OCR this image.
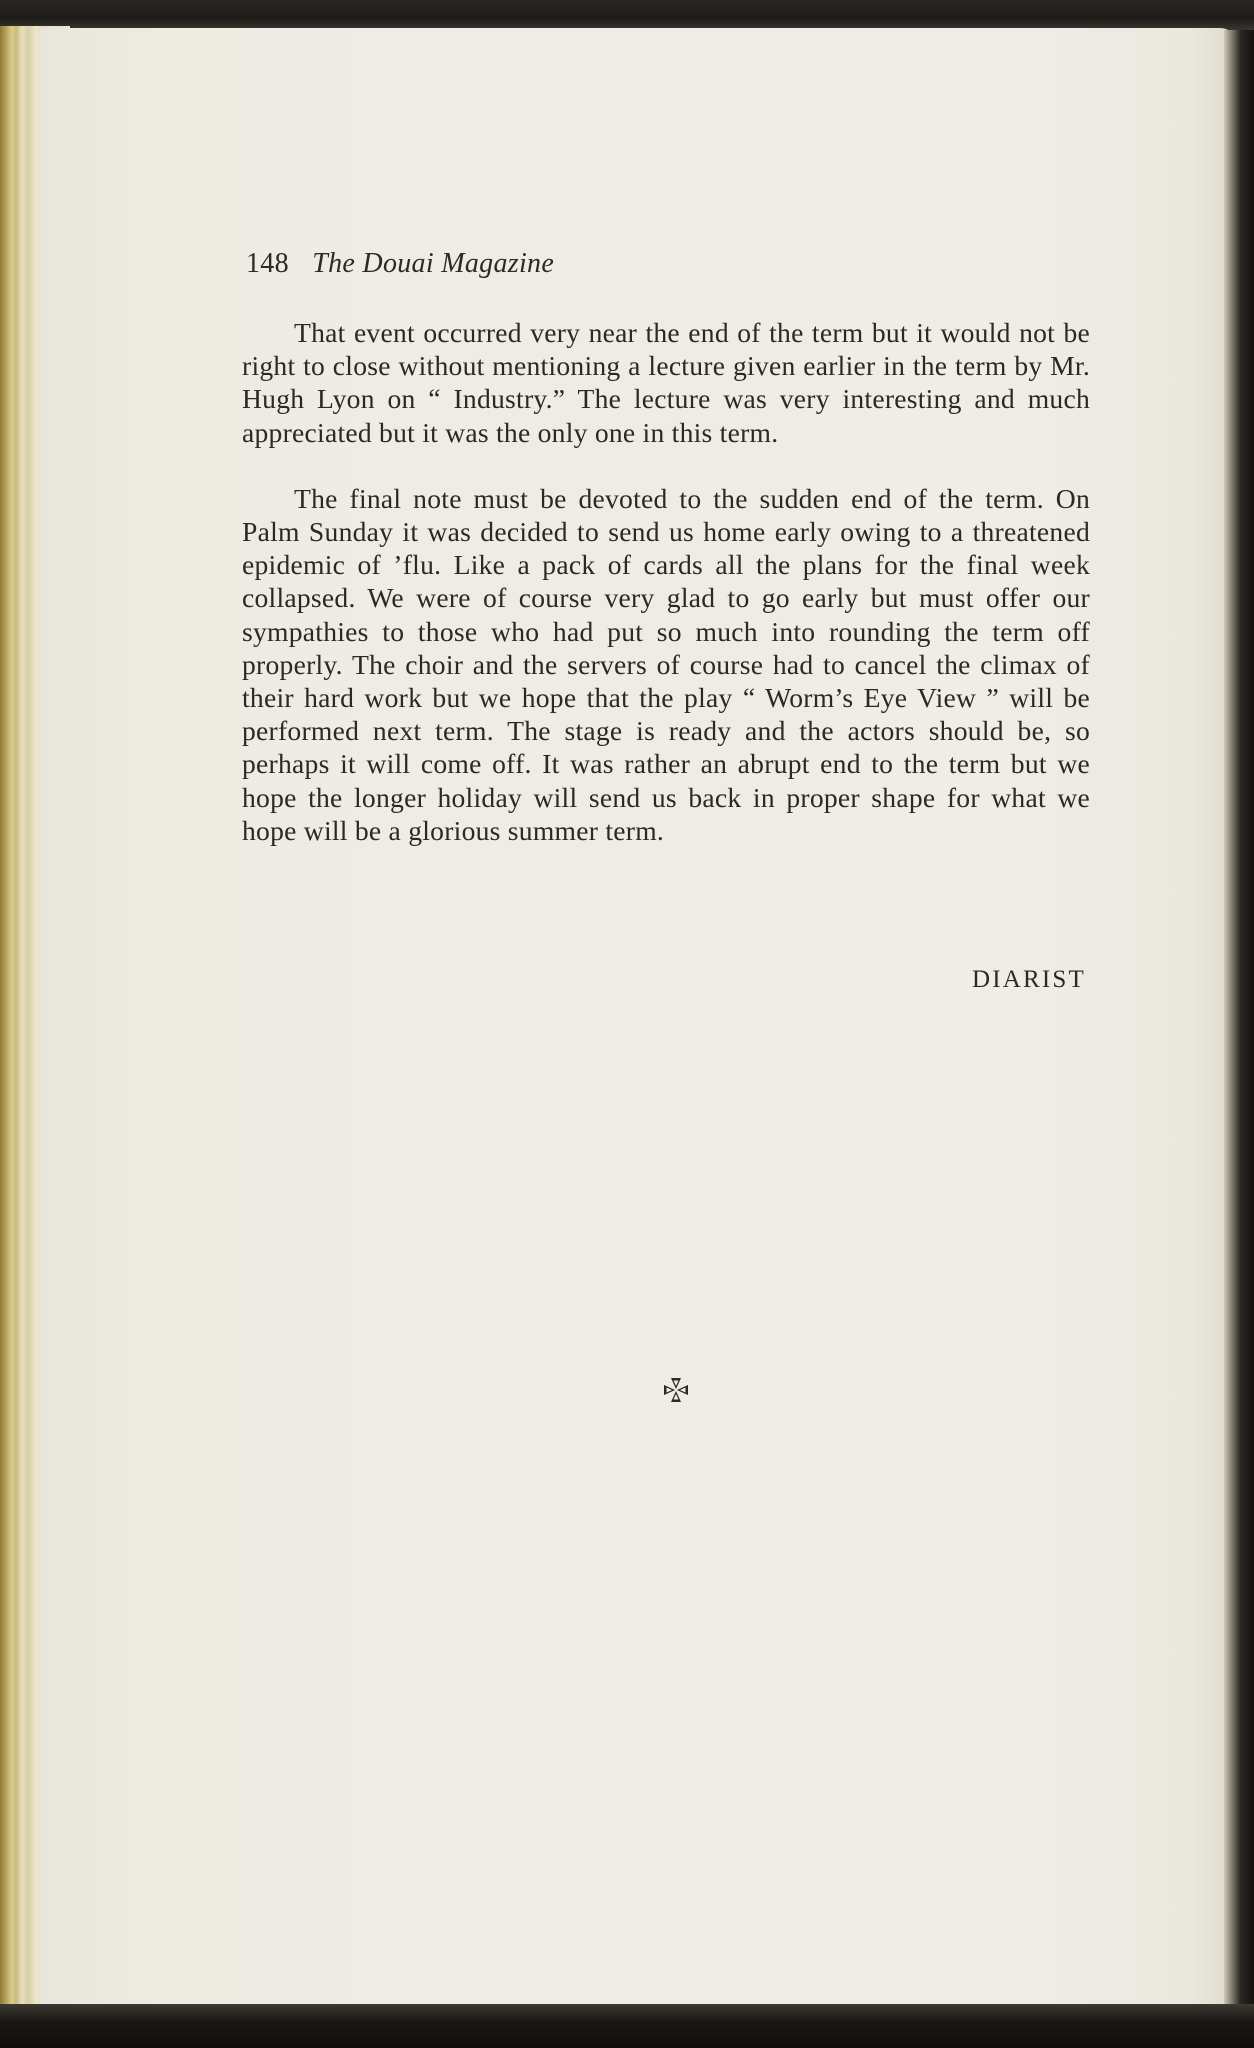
148 The Douai Magazine

That event occurred very near the end of the term but it would not be right to close without mentioning a lecture given earlier in the term by Mr. Hugh Lyon on “ Industry.” The lecture was very interesting and much appreciated but it was the only one in this term.

The final note must be devoted to the sudden end of the term. On Palm Sunday it was decided to send us home early owing to a threatened epidemic of ’flu. Like a pack of cards all the plans for the final week collapsed. We were of course very glad to go early but must offer our sympathies to those who had put so much into rounding the term off properly. The choir and the servers of course had to cancel the climax of their hard work but we hope that the play “ Worm’s Eye View ” will be performed next term. The stage is ready and the actors should be, so perhaps it will come off. It was rather an abrupt end to the term but we hope the longer holiday will send us back in proper shape for what we hope will be a glorious summer term.

DIARIST
